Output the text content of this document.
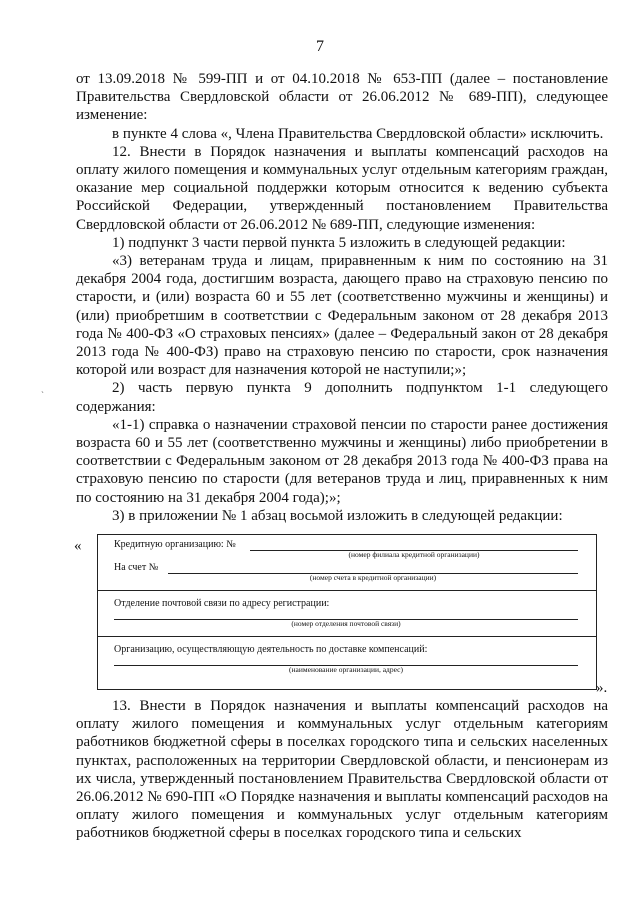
7

от 13.09.2018 № 599-ПП и от 04.10.2018 № 653-ПП (далее – постановление Правительства Свердловской области от 26.06.2012 № 689-ПП), следующее изменение:

в пункте 4 слова «, Члена Правительства Свердловской области» исключить.

12. Внести в Порядок назначения и выплаты компенсаций расходов на оплату жилого помещения и коммунальных услуг отдельным категориям граждан, оказание мер социальной поддержки которым относится к ведению субъекта Российской Федерации, утвержденный постановлением Правительства Свердловской области от 26.06.2012 № 689-ПП, следующие изменения:

1) подпункт 3 части первой пункта 5 изложить в следующей редакции:

«3) ветеранам труда и лицам, приравненным к ним по состоянию на 31 декабря 2004 года, достигшим возраста, дающего право на страховую пенсию по старости, и (или) возраста 60 и 55 лет (соответственно мужчины и женщины) и (или) приобретшим в соответствии с Федеральным законом от 28 декабря 2013 года № 400-ФЗ «О страховых пенсиях» (далее – Федеральный закон от 28 декабря 2013 года № 400-ФЗ) право на страховую пенсию по старости, срок назначения которой или возраст для назначения которой не наступили;»;

2) часть первую пункта 9 дополнить подпунктом 1-1 следующего содержания:

«1-1) справка о назначении страховой пенсии по старости ранее достижения возраста 60 и 55 лет (соответственно мужчины и женщины) либо приобретении в соответствии с Федеральным законом от 28 декабря 2013 года № 400-ФЗ права на страховую пенсию по старости (для ветеранов труда и лиц, приравненных к ним по состоянию на 31 декабря 2004 года);»;

3) в приложении № 1 абзац восьмой изложить в следующей редакции:

ˎ
«	Кредитную организацию: №
(номер филиала кредитной организации)
На счет №
(номер счета в кредитной организации)
Отделение почтовой связи по адресу регистрации:
(номер отделения почтовой связи)
Организацию, осуществляющую деятельность по доставке компенсаций:
(наименование организации, адрес)
».

13. Внести в Порядок назначения и выплаты компенсаций расходов на оплату жилого помещения и коммунальных услуг отдельным категориям работников бюджетной сферы в поселках городского типа и сельских населенных пунктах, расположенных на территории Свердловской области, и пенсионерам из их числа, утвержденный постановлением Правительства Свердловской области от 26.06.2012 № 690-ПП «О Порядке назначения и выплаты компенсаций расходов на оплату жилого помещения и коммунальных услуг отдельным категориям работников бюджетной сферы в поселках городского типа и сельских
